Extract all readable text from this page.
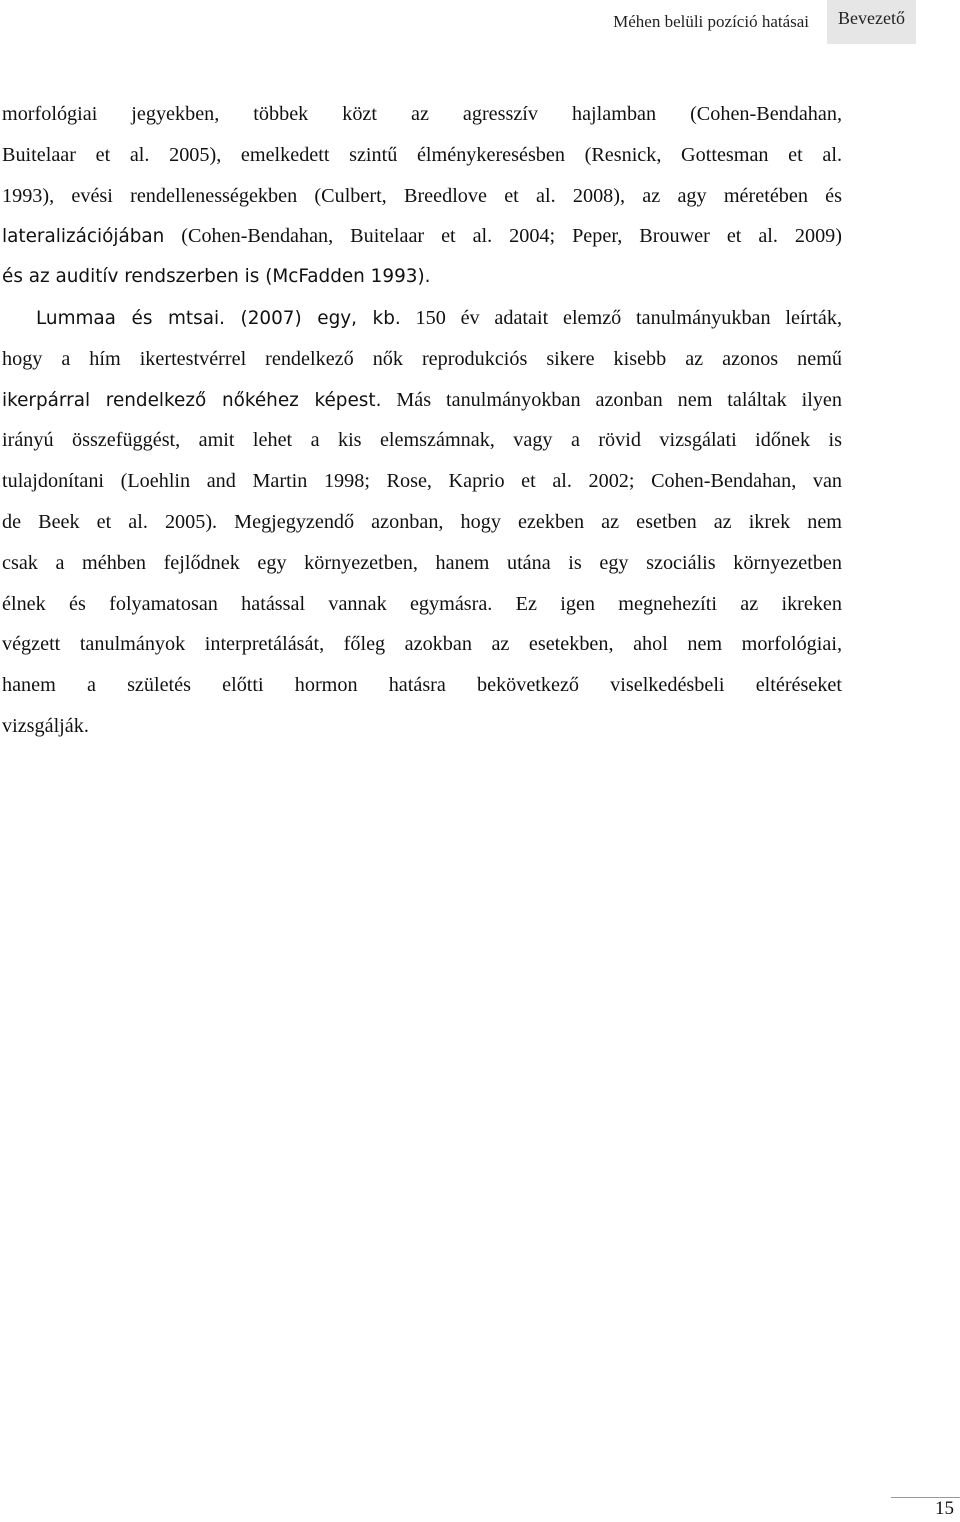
Méhen belüli pozíció hatásai	Bevezető
morfológiai jegyekben, többek közt az agresszív hajlamban (Cohen-Bendahan,
Buitelaar et al. 2005), emelkedett szintű élménykeresésben (Resnick, Gottesman et al.
1993), evési rendellenességekben (Culbert, Breedlove et al. 2008), az agy méretében és
lateralizációjában (Cohen-Bendahan, Buitelaar et al. 2004; Peper, Brouwer et al. 2009)
és az auditív rendszerben is (McFadden 1993).
Lummaa és mtsai. (2007) egy, kb. 150 év adatait elemző tanulmányukban leírták,
hogy a hím ikertestvérrel rendelkező nők reprodukciós sikere kisebb az azonos nemű
ikerpárral rendelkező nőkéhez képest. Más tanulmányokban azonban nem találtak ilyen
irányú összefüggést, amit lehet a kis elemszámnak, vagy a rövid vizsgálati időnek is
tulajdonítani (Loehlin and Martin 1998; Rose, Kaprio et al. 2002; Cohen-Bendahan, van
de Beek et al. 2005). Megjegyzendő azonban, hogy ezekben az esetben az ikrek nem
csak a méhben fejlődnek egy környezetben, hanem utána is egy szociális környezetben
élnek és folyamatosan hatással vannak egymásra. Ez igen megnehezíti az ikreken
végzett tanulmányok interpretálását, főleg azokban az esetekben, ahol nem morfológiai,
hanem a születés előtti hormon hatásra bekövetkező viselkedésbeli eltéréseket
vizsgálják.
15
